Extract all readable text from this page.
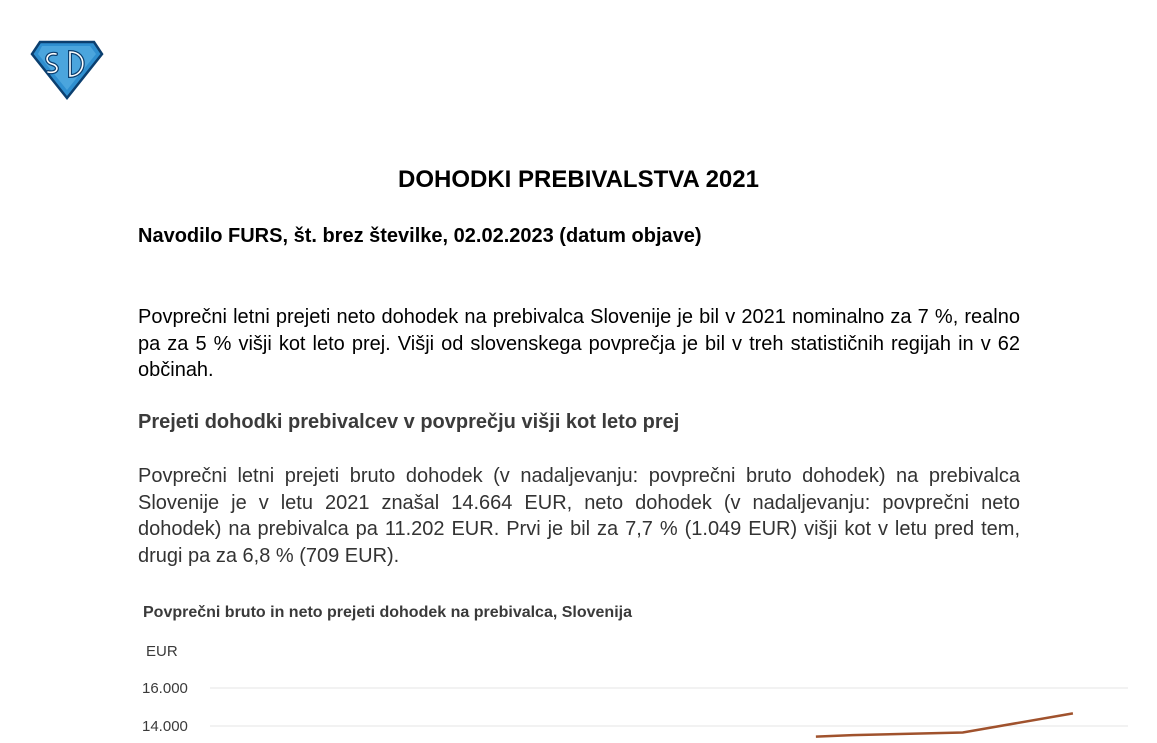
DOHODKI PREBIVALSTVA 2021

Navodilo FURS, št. brez številke, 02.02.2023 (datum objave)

Povprečni letni prejeti neto dohodek na prebivalca Slovenije je bil v 2021 nominalno za 7 %, realno pa za 5 % višji kot leto prej. Višji od slovenskega povprečja je bil v treh statističnih regijah in v 62 občinah.

Prejeti dohodki prebivalcev v povprečju višji kot leto prej

Povprečni letni prejeti bruto dohodek (v nadaljevanju: povprečni bruto dohodek) na prebivalca Slovenije je v letu 2021 znašal 14.664 EUR, neto dohodek (v nadaljevanju: povprečni neto dohodek) na prebivalca pa 11.202 EUR. Prvi je bil za 7,7 % (1.049 EUR) višji kot v letu pred tem, drugi pa za 6,8 % (709 EUR).

Povprečni bruto in neto prejeti dohodek na prebivalca, Slovenija

EUR
16.000
14.000
